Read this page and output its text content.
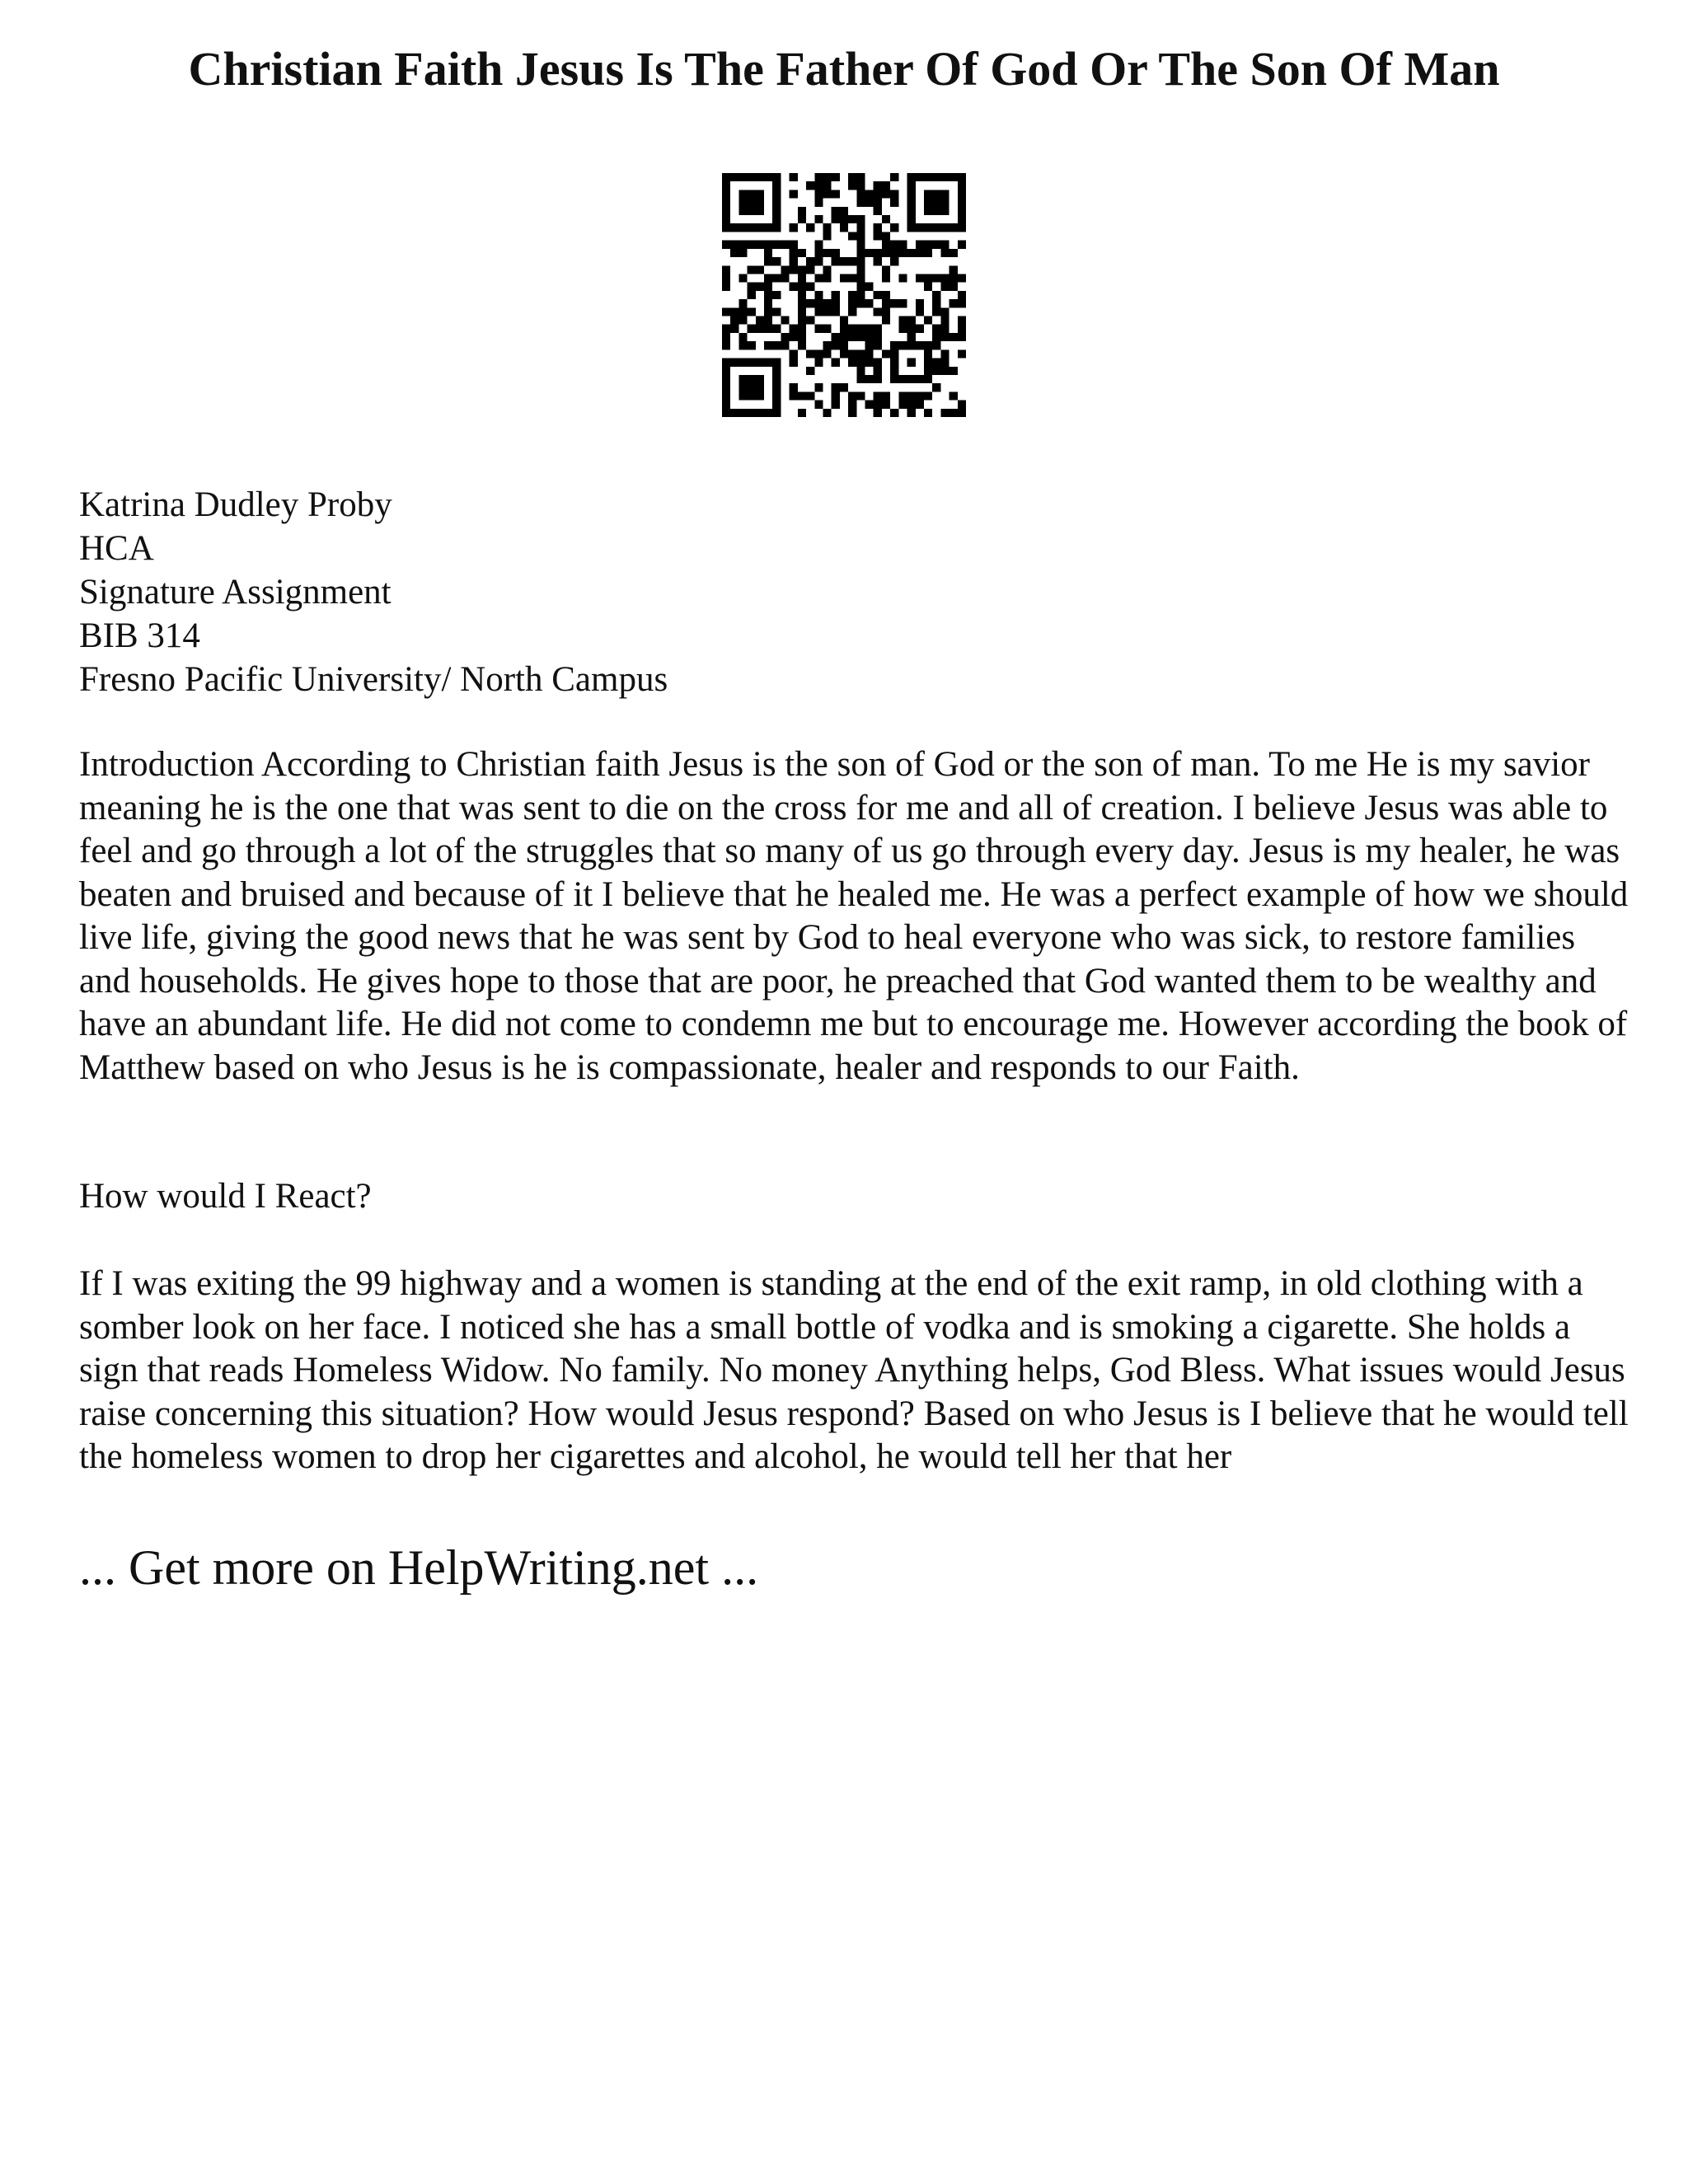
Christian Faith Jesus Is The Father Of God Or The Son Of Man
Katrina Dudley Proby
HCA
Signature Assignment
BIB 314
Fresno Pacific University/ North Campus

Introduction According to Christian faith Jesus is the son of God or the son of man. To me He is my savior meaning he is the one that was sent to die on the cross for me and all of creation. I believe Jesus was able to feel and go through a lot of the struggles that so many of us go through every day. Jesus is my healer, he was beaten and bruised and because of it I believe that he healed me. He was a perfect example of how we should live life, giving the good news that he was sent by God to heal everyone who was sick, to restore families and households. He gives hope to those that are poor, he preached that God wanted them to be wealthy and have an abundant life. He did not come to condemn me but to encourage me. However according the book of Matthew based on who Jesus is he is compassionate, healer and responds to our Faith.

How would I React?

If I was exiting the 99 highway and a women is standing at the end of the exit ramp, in old clothing with a somber look on her face. I noticed she has a small bottle of vodka and is smoking a cigarette. She holds a sign that reads Homeless Widow. No family. No money Anything helps, God Bless. What issues would Jesus raise concerning this situation? How would Jesus respond? Based on who Jesus is I believe that he would tell the homeless women to drop her cigarettes and alcohol, he would tell her that her

... Get more on HelpWriting.net ...
